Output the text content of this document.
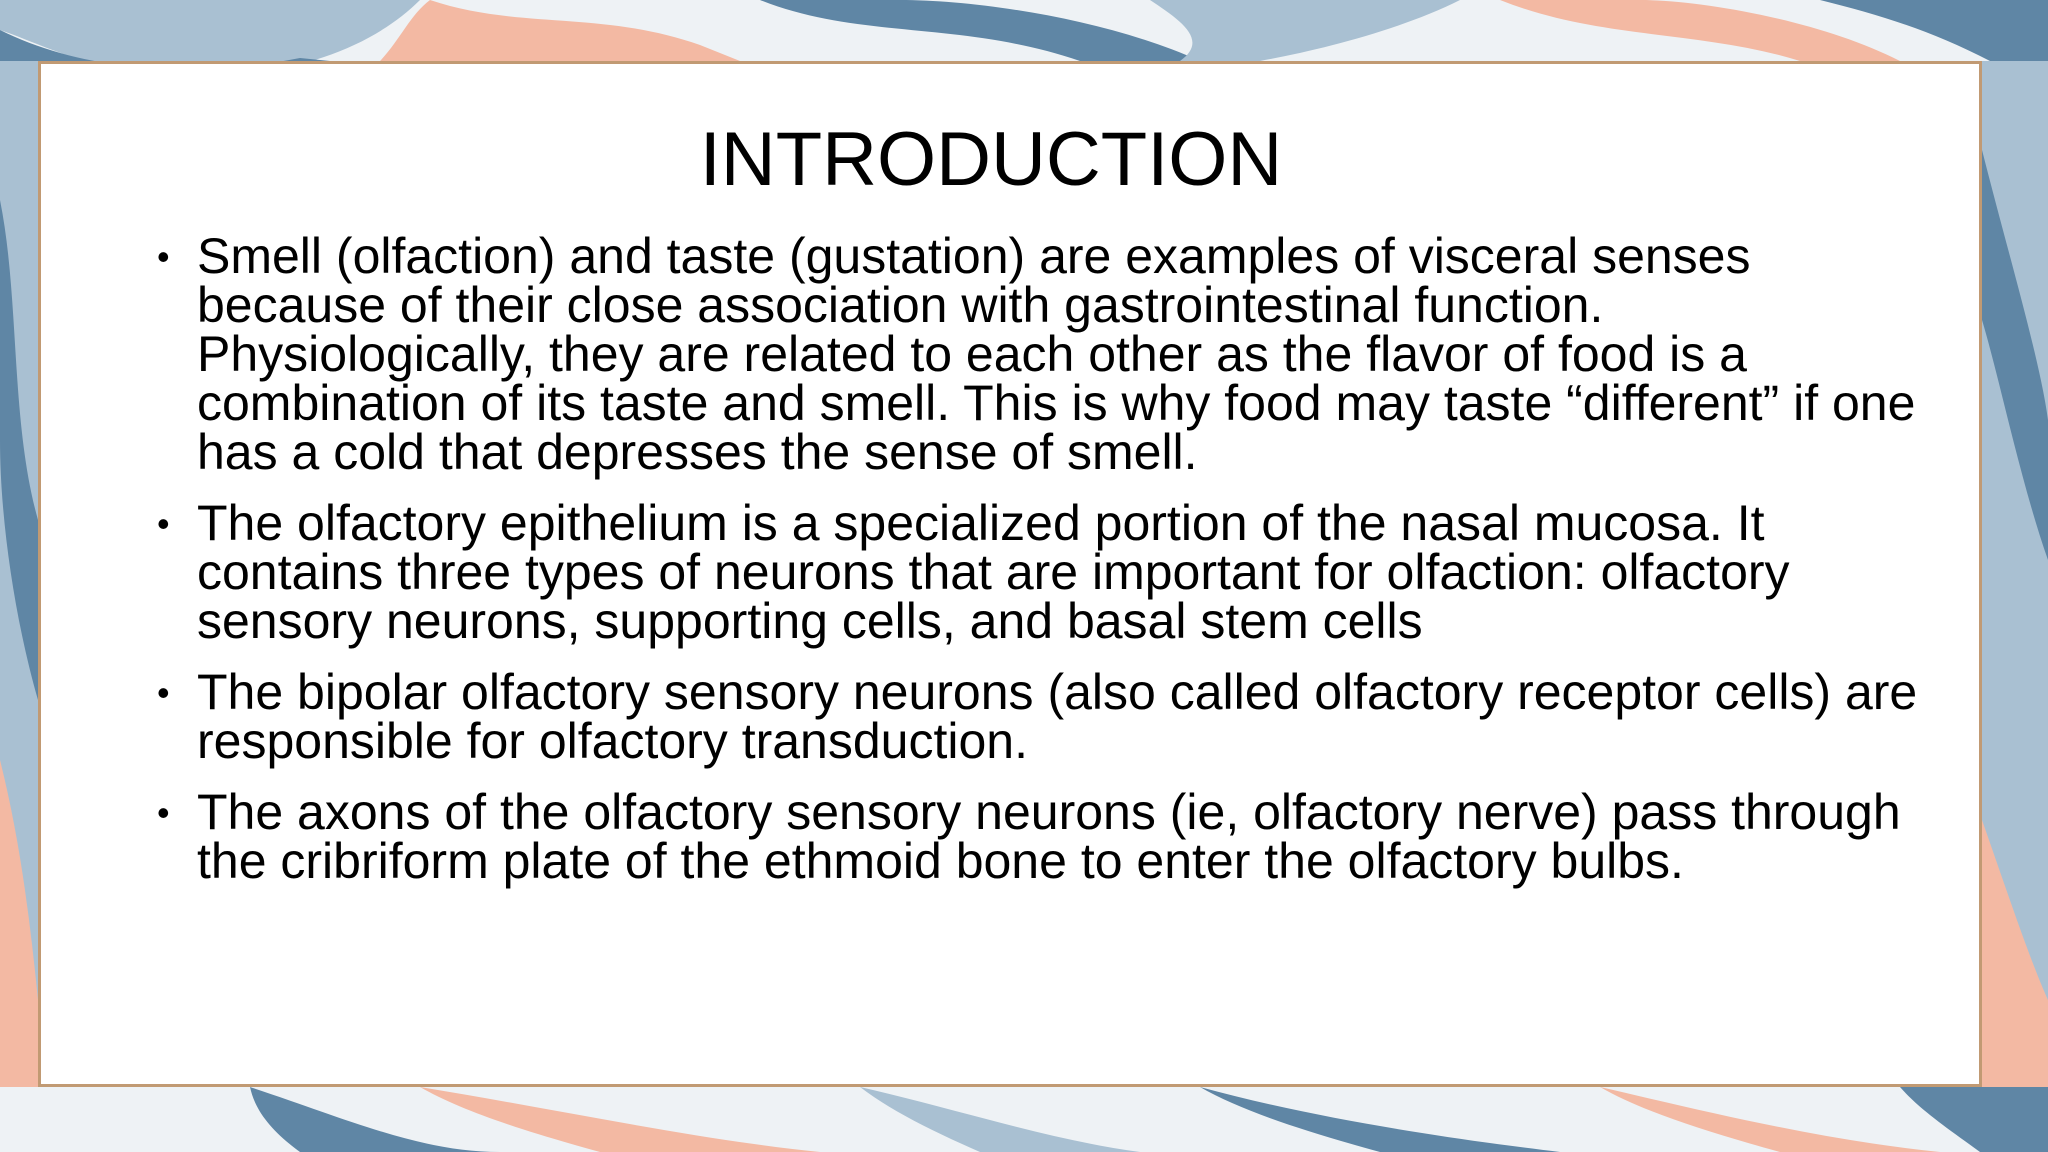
INTRODUCTION
• Smell (olfaction) and taste (gustation) are examples of visceral senses because of their close association with gastrointestinal function. Physiologically, they are related to each other as the flavor of food is a combination of its taste and smell. This is why food may taste “different” if one has a cold that depresses the sense of smell.
• The olfactory epithelium is a specialized portion of the nasal mucosa. It contains three types of neurons that are important for olfaction: olfactory sensory neurons, supporting cells, and basal stem cells
• The bipolar olfactory sensory neurons (also called olfactory receptor cells) are responsible for olfactory transduction.
• The axons of the olfactory sensory neurons (ie, olfactory nerve) pass through the cribriform plate of the ethmoid bone to enter the olfactory bulbs.
